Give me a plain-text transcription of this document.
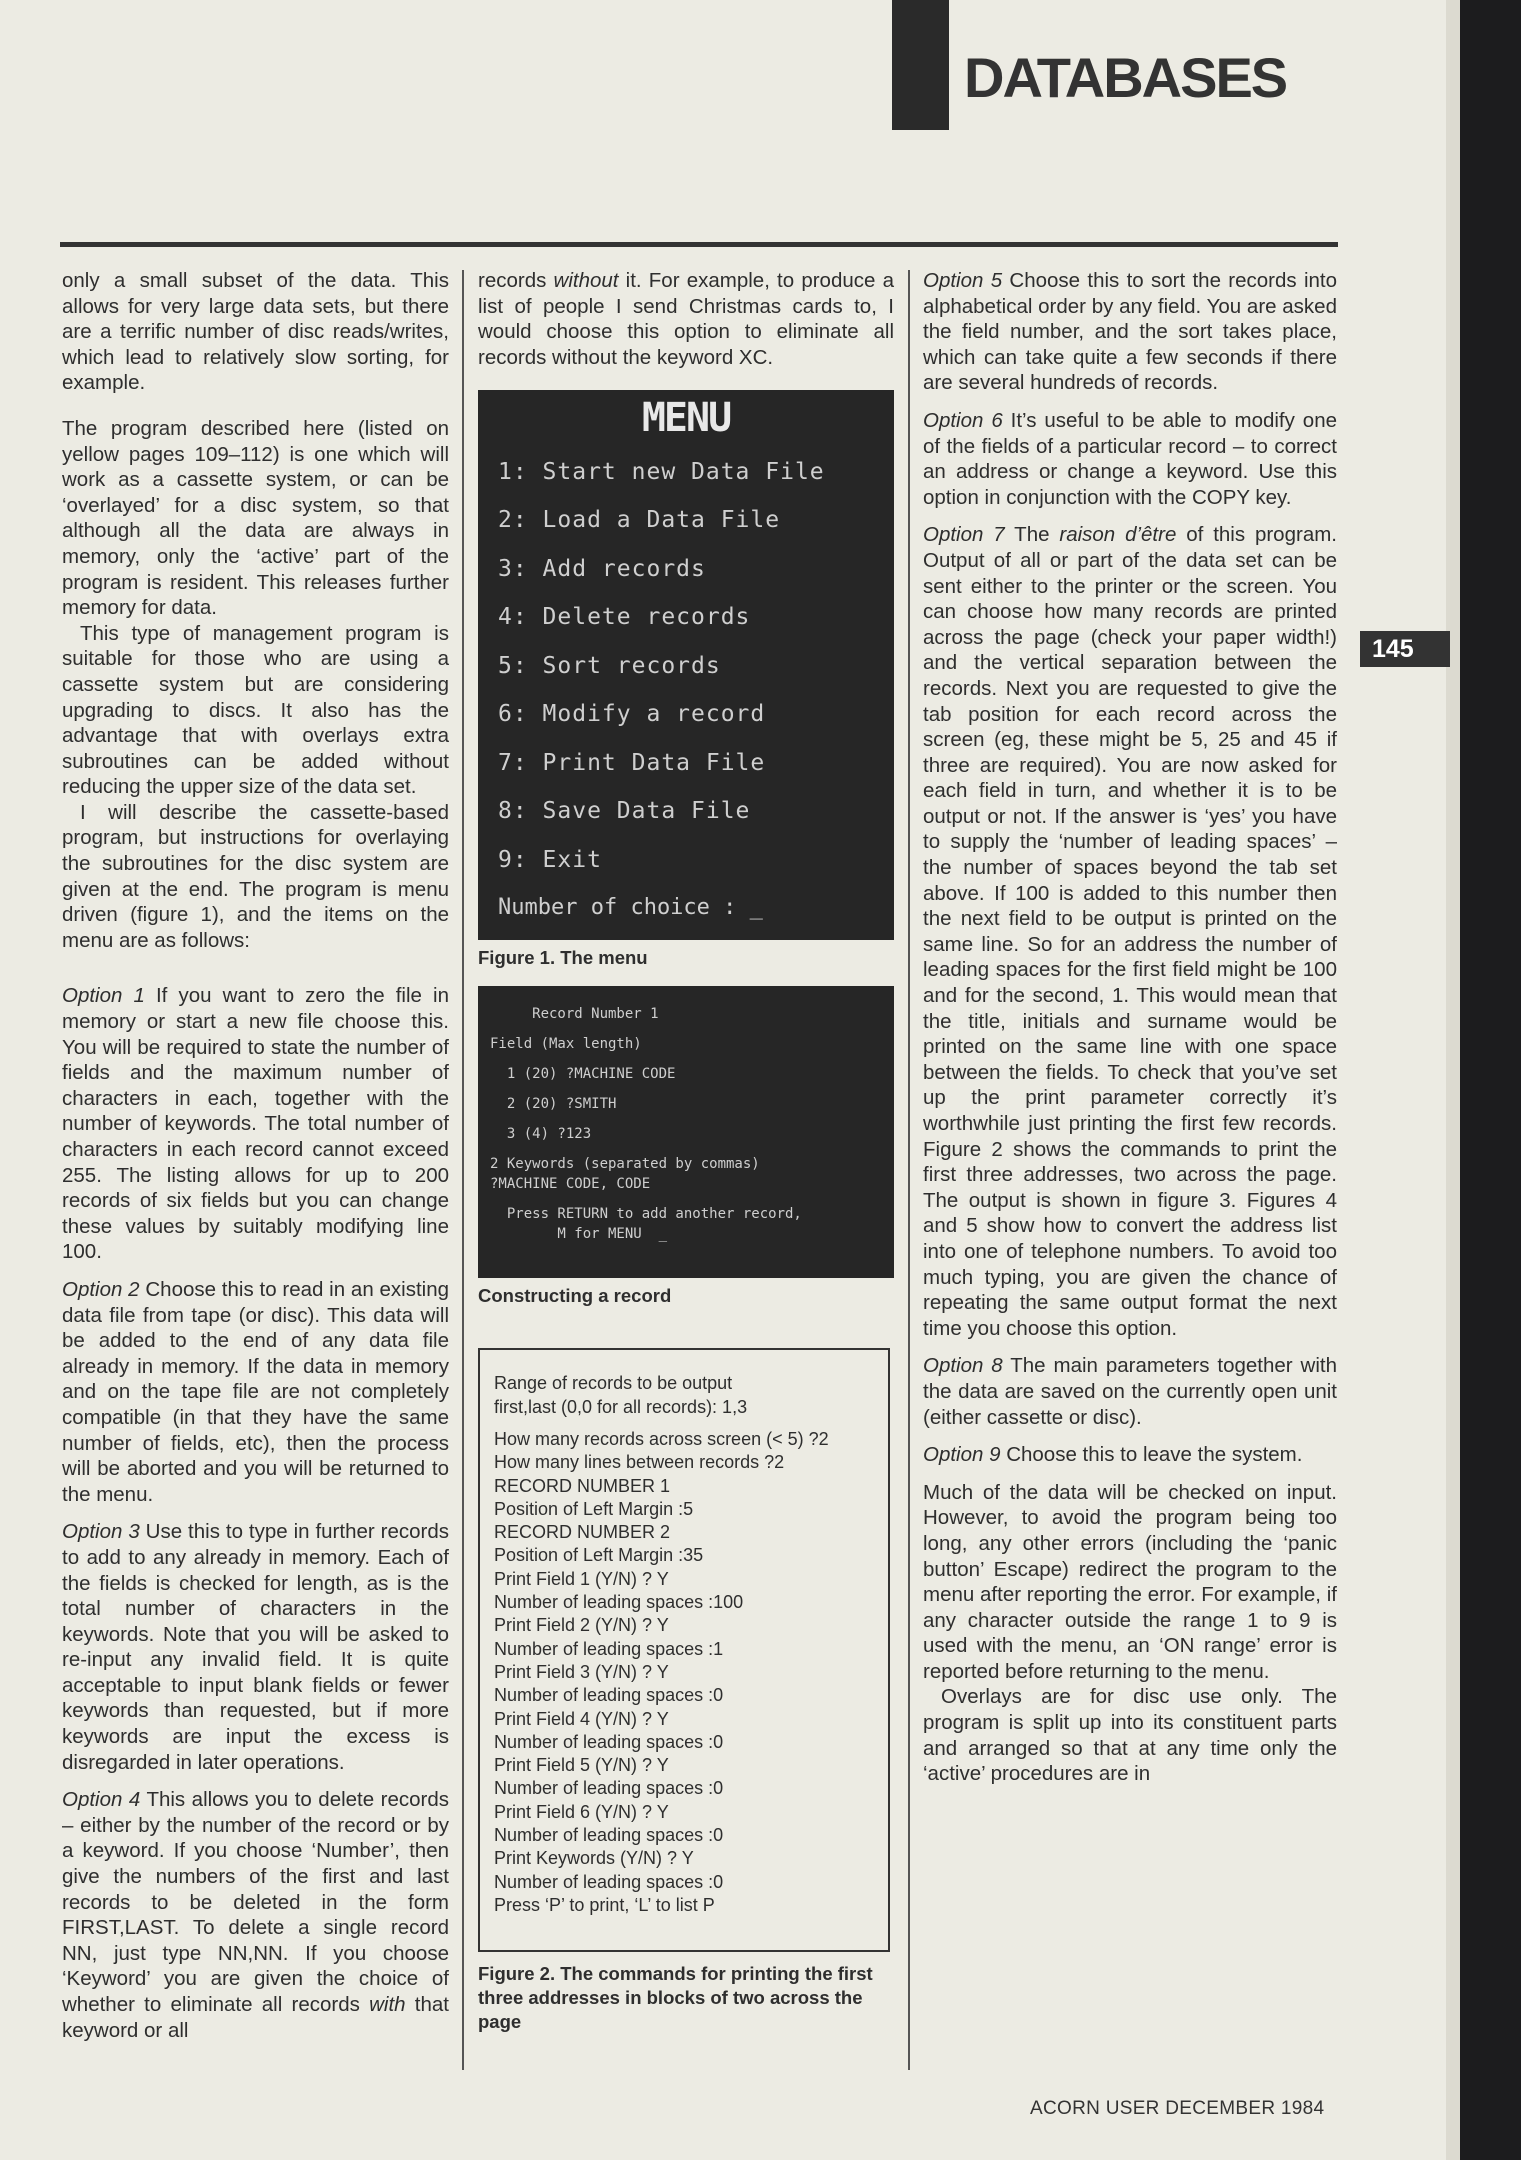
DATABASES
145

only a small subset of the data. This allows for very large data sets, but there are a terrific number of disc reads/writes, which lead to relatively slow sorting, for example.

The program described here (listed on yellow pages 109–112) is one which will work as a cassette system, or can be ‘overlayed’ for a disc system, so that although all the data are always in memory, only the ‘active’ part of the program is resident. This releases further memory for data.

This type of management program is suitable for those who are using a cassette system but are considering upgrading to discs. It also has the advantage that with overlays extra subroutines can be added without reducing the upper size of the data set.

I will describe the cassette-based program, but instructions for overlaying the subroutines for the disc system are given at the end. The program is menu driven (figure 1), and the items on the menu are as follows:

Option 1 If you want to zero the file in memory or start a new file choose this. You will be required to state the number of fields and the maximum number of characters in each, together with the number of keywords. The total number of characters in each record cannot exceed 255. The listing allows for up to 200 records of six fields but you can change these values by suitably modifying line 100.

Option 2 Choose this to read in an existing data file from tape (or disc). This data will be added to the end of any data file already in memory. If the data in memory and on the tape file are not completely compatible (in that they have the same number of fields, etc), then the process will be aborted and you will be returned to the menu.

Option 3 Use this to type in further records to add to any already in memory. Each of the fields is checked for length, as is the total number of characters in the keywords. Note that you will be asked to re-input any invalid field. It is quite acceptable to input blank fields or fewer keywords than requested, but if more keywords are input the excess is disregarded in later operations.

Option 4 This allows you to delete records – either by the number of the record or by a keyword. If you choose ‘Number’, then give the numbers of the first and last records to be deleted in the form FIRST,LAST. To delete a single record NN, just type NN,NN. If you choose ‘Keyword’ you are given the choice of whether to eliminate all records with that keyword or all

records without it. For example, to produce a list of people I send Christmas cards to, I would choose this option to eliminate all records without the keyword XC.

MENU
1: Start new Data File
2: Load a Data File
3: Add records
4: Delete records
5: Sort records
6: Modify a record
7: Print Data File
8: Save Data File
9: Exit
Number of choice : _
Figure 1. The menu
Record Number 1
Field (Max length)
1 (20) ?MACHINE CODE
2 (20) ?SMITH
3 (4) ?123
2 Keywords (separated by commas)
?MACHINE CODE, CODE
Press RETURN to add another record,
M for MENU  _
Constructing a record
Range of records to be output
first,last (0,0 for all records): 1,3
How many records across screen (< 5) ?2
How many lines between records ?2
RECORD NUMBER 1
Position of Left Margin :5
RECORD NUMBER 2
Position of Left Margin :35
Print Field 1 (Y/N) ? Y
Number of leading spaces :100
Print Field 2 (Y/N) ? Y
Number of leading spaces :1
Print Field 3 (Y/N) ? Y
Number of leading spaces :0
Print Field 4 (Y/N) ? Y
Number of leading spaces :0
Print Field 5 (Y/N) ? Y
Number of leading spaces :0
Print Field 6 (Y/N) ? Y
Number of leading spaces :0
Print Keywords (Y/N) ? Y
Number of leading spaces :0
Press ‘P’ to print, ‘L’ to list P
Figure 2. The commands for printing the first three addresses in blocks of two across the page

Option 5 Choose this to sort the records into alphabetical order by any field. You are asked the field number, and the sort takes place, which can take quite a few seconds if there are several hundreds of records.

Option 6 It’s useful to be able to modify one of the fields of a particular record – to correct an address or change a keyword. Use this option in conjunction with the COPY key.

Option 7 The raison d’être of this program. Output of all or part of the data set can be sent either to the printer or the screen. You can choose how many records are printed across the page (check your paper width!) and the vertical separation between the records. Next you are requested to give the tab position for each record across the screen (eg, these might be 5, 25 and 45 if three are required). You are now asked for each field in turn, and whether it is to be output or not. If the answer is ‘yes’ you have to supply the ‘number of leading spaces’ – the number of spaces beyond the tab set above. If 100 is added to this number then the next field to be output is printed on the same line. So for an address the number of leading spaces for the first field might be 100 and for the second, 1. This would mean that the title, initials and surname would be printed on the same line with one space between the fields. To check that you’ve set up the print parameter correctly it’s worthwhile just printing the first few records. Figure 2 shows the commands to print the first three addresses, two across the page. The output is shown in figure 3. Figures 4 and 5 show how to convert the address list into one of telephone numbers. To avoid too much typing, you are given the chance of repeating the same output format the next time you choose this option.

Option 8 The main parameters together with the data are saved on the currently open unit (either cassette or disc).

Option 9 Choose this to leave the system.

Much of the data will be checked on input. However, to avoid the program being too long, any other errors (including the ‘panic button’ Escape) redirect the program to the menu after reporting the error. For example, if any character outside the range 1 to 9 is used with the menu, an ‘ON range’ error is reported before returning to the menu.

Overlays are for disc use only. The program is split up into its constituent parts and arranged so that at any time only the ‘active’ procedures are in

ACORN USER DECEMBER 1984
